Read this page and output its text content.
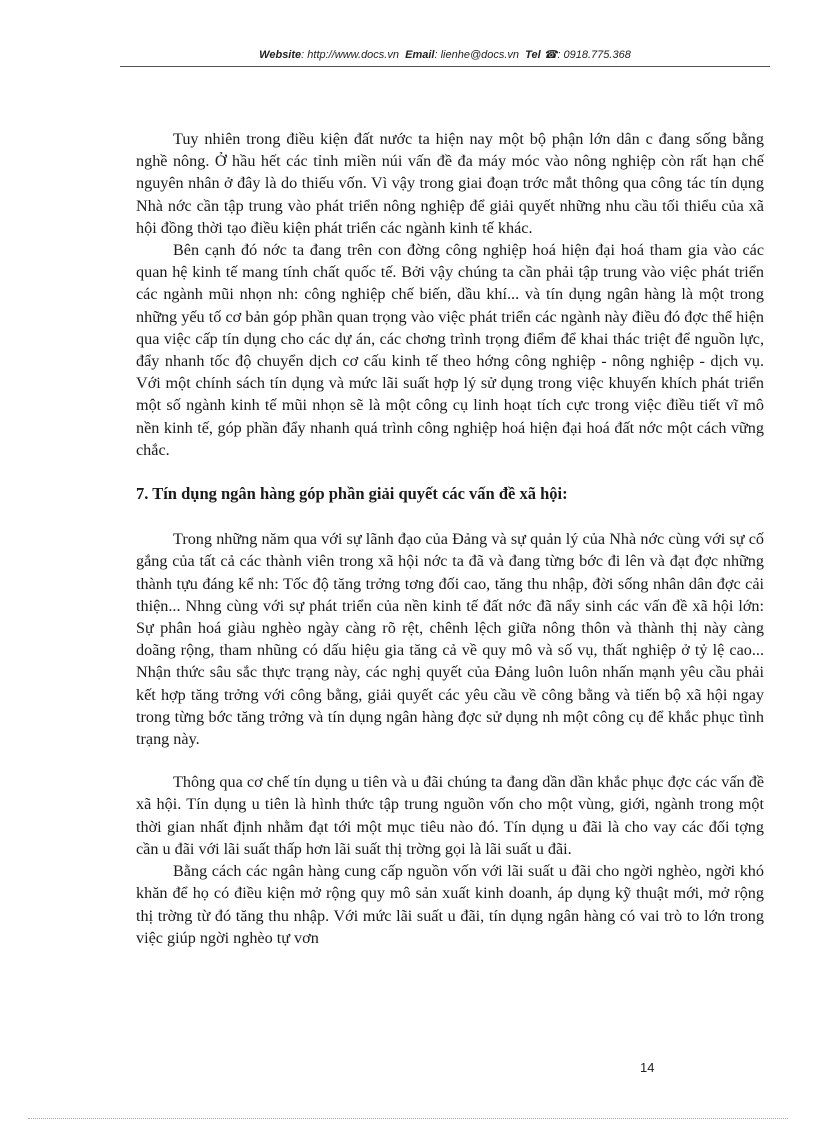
Website: http://www.docs.vn Email: lienhe@docs.vn Tel ☎: 0918.775.368

Tuy nhiên trong điều kiện đất nước ta hiện nay một bộ phận lớn dân c đang sống bằng nghề nông. Ở hầu hết các tỉnh miền núi vấn đề đa máy móc vào nông nghiệp còn rất hạn chế nguyên nhân ở đây là do thiếu vốn. Vì vậy trong giai đoạn trớc mắt thông qua công tác tín dụng Nhà nớc cần tập trung vào phát triển nông nghiệp để giải quyết những nhu cầu tối thiểu của xã hội đồng thời tạo điều kiện phát triển các ngành kinh tế khác.

Bên cạnh đó nớc ta đang trên con đờng công nghiệp hoá hiện đại hoá tham gia vào các quan hệ kinh tế mang tính chất quốc tế. Bởi vậy chúng ta cần phải tập trung vào việc phát triển các ngành mũi nhọn nh: công nghiệp chế biến, dầu khí... và tín dụng ngân hàng là một trong những yếu tố cơ bản góp phần quan trọng vào việc phát triển các ngành này điều đó đợc thể hiện qua việc cấp tín dụng cho các dự án, các chơng trình trọng điểm để khai thác triệt để nguồn lực, đẩy nhanh tốc độ chuyển dịch cơ cấu kinh tế theo hớng công nghiệp - nông nghiệp - dịch vụ. Với một chính sách tín dụng và mức lãi suất hợp lý sử dụng trong việc khuyến khích phát triển một số ngành kinh tế mũi nhọn sẽ là một công cụ linh hoạt tích cực trong việc điều tiết vĩ mô nền kinh tế, góp phần đẩy nhanh quá trình công nghiệp hoá hiện đại hoá đất nớc một cách vững chắc.

7. Tín dụng ngân hàng góp phần giải quyết các vấn đề xã hội:

Trong những năm qua với sự lãnh đạo của Đảng và sự quản lý của Nhà nớc cùng với sự cố gắng của tất cả các thành viên trong xã hội nớc ta đã và đang từng bớc đi lên và đạt đợc những thành tựu đáng kể nh: Tốc độ tăng trởng tơng đối cao, tăng thu nhập, đời sống nhân dân đợc cải thiện... Nhng cùng với sự phát triển của nền kinh tế đất nớc đã nẩy sinh các vấn đề xã hội lớn: Sự phân hoá giàu nghèo ngày càng rõ rệt, chênh lệch giữa nông thôn và thành thị này càng doãng rộng, tham nhũng có dấu hiệu gia tăng cả về quy mô và số vụ, thất nghiệp ở tỷ lệ cao... Nhận thức sâu sắc thực trạng này, các nghị quyết của Đảng luôn luôn nhấn mạnh yêu cầu phải kết hợp tăng trởng với công bằng, giải quyết các yêu cầu về công bằng và tiến bộ xã hội ngay trong từng bớc tăng trởng và tín dụng ngân hàng đợc sử dụng nh một công cụ để khắc phục tình trạng này.

Thông qua cơ chế tín dụng u tiên và u đãi chúng ta đang dần dần khắc phục đợc các vấn đề xã hội. Tín dụng u tiên là hình thức tập trung nguồn vốn cho một vùng, giới, ngành trong một thời gian nhất định nhằm đạt tới một mục tiêu nào đó. Tín dụng u đãi là cho vay các đối tợng cần u đãi với lãi suất thấp hơn lãi suất thị trờng gọi là lãi suất u đãi.

Bằng cách các ngân hàng cung cấp nguồn vốn với lãi suất u đãi cho ngời nghèo, ngời khó khăn để họ có điều kiện mở rộng quy mô sản xuất kinh doanh, áp dụng kỹ thuật mới, mở rộng thị trờng từ đó tăng thu nhập. Với mức lãi suất u đãi, tín dụng ngân hàng có vai trò to lớn trong việc giúp ngời nghèo tự vơn

14
